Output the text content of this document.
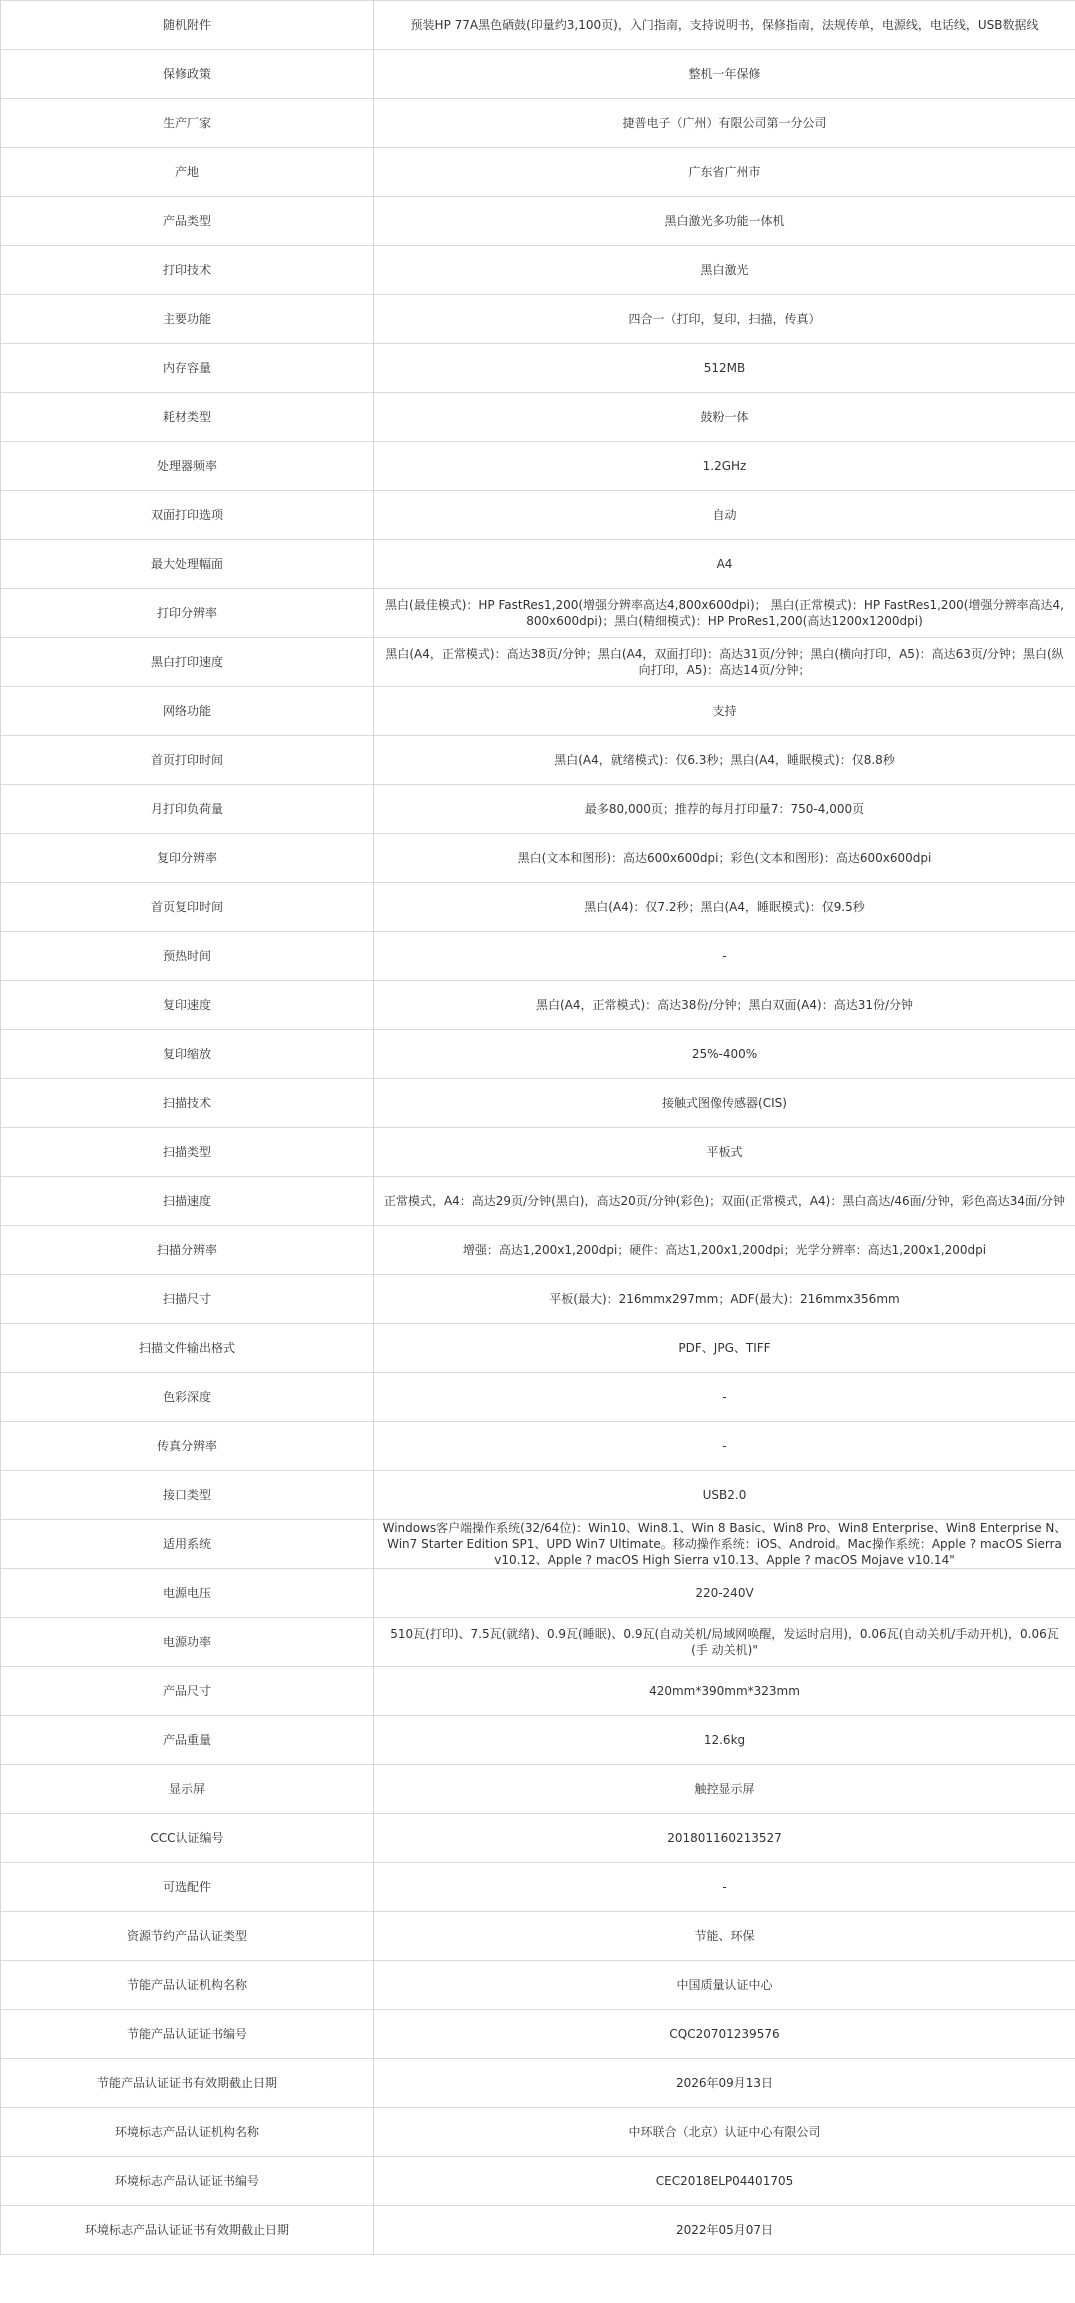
随机附件	预装HP 77A黑色硒鼓(印量约3,100页)，入门指南，支持说明书，保修指南，法规传单，电源线，电话线，USB数据线
保修政策	整机一年保修
生产厂家	捷普电子（广州）有限公司第一分公司
产地	广东省广州市
产品类型	黑白激光多功能一体机
打印技术	黑白激光
主要功能	四合一（打印，复印，扫描，传真）
内存容量	512MB
耗材类型	鼓粉一体
处理器频率	1.2GHz
双面打印选项	自动
最大处理幅面	A4
打印分辨率	黑白(最佳模式)：HP FastRes1,200(增强分辨率高达4,800x600dpi)； 黑白(正常模式)：HP FastRes1,200(增强分辨率高达4,800x600dpi)；黑白(精细模式)：HP ProRes1,200(高达1200x1200dpi)
黑白打印速度	黑白(A4，正常模式)：高达38页/分钟；黑白(A4，双面打印)：高达31页/分钟；黑白(横向打印，A5)：高达63页/分钟；黑白(纵向打印，A5)：高达14页/分钟；
网络功能	支持
首页打印时间	黑白(A4，就绪模式)：仅6.3秒；黑白(A4，睡眠模式)：仅8.8秒
月打印负荷量	最多80,000页；推荐的每月打印量7：750-4,000页
复印分辨率	黑白(文本和图形)：高达600x600dpi；彩色(文本和图形)：高达600x600dpi
首页复印时间	黑白(A4)：仅7.2秒；黑白(A4，睡眠模式)：仅9.5秒
预热时间	-
复印速度	黑白(A4，正常模式)：高达38份/分钟；黑白双面(A4)：高达31份/分钟
复印缩放	25%-400%
扫描技术	接触式图像传感器(CIS)
扫描类型	平板式
扫描速度	正常模式，A4：高达29页/分钟(黑白)，高达20页/分钟(彩色)；双面(正常模式，A4)：黑白高达/46面/分钟，彩色高达34面/分钟
扫描分辨率	增强：高达1,200x1,200dpi；硬件：高达1,200x1,200dpi；光学分辨率：高达1,200x1,200dpi
扫描尺寸	平板(最大)：216mmx297mm；ADF(最大)：216mmx356mm
扫描文件输出格式	PDF、JPG、TIFF
色彩深度	-
传真分辨率	-
接口类型	USB2.0
适用系统	Windows客户端操作系统(32/64位)：Win10、Win8.1、Win 8 Basic、Win8 Pro、Win8 Enterprise、Win8 Enterprise N、Win7 Starter Edition SP1、UPD Win7 Ultimate。移动操作系统：iOS、Android。Mac操作系统：Apple ? macOS Sierra v10.12、Apple ? macOS High Sierra v10.13、Apple ? macOS Mojave v10.14"
电源电压	220-240V
电源功率	510瓦(打印)、7.5瓦(就绪)、0.9瓦(睡眠)、0.9瓦(自动关机/局域网唤醒，发运时启用)，0.06瓦(自动关机/手动开机)，0.06瓦(手 动关机)"
产品尺寸	420mm*390mm*323mm
产品重量	12.6kg
显示屏	触控显示屏
CCC认证编号	201801160213527
可选配件	-
资源节约产品认证类型	节能、环保
节能产品认证机构名称	中国质量认证中心
节能产品认证证书编号	CQC20701239576
节能产品认证证书有效期截止日期	2026年09月13日
环境标志产品认证机构名称	中环联合（北京）认证中心有限公司
环境标志产品认证证书编号	CEC2018ELP04401705
环境标志产品认证证书有效期截止日期	2022年05月07日
